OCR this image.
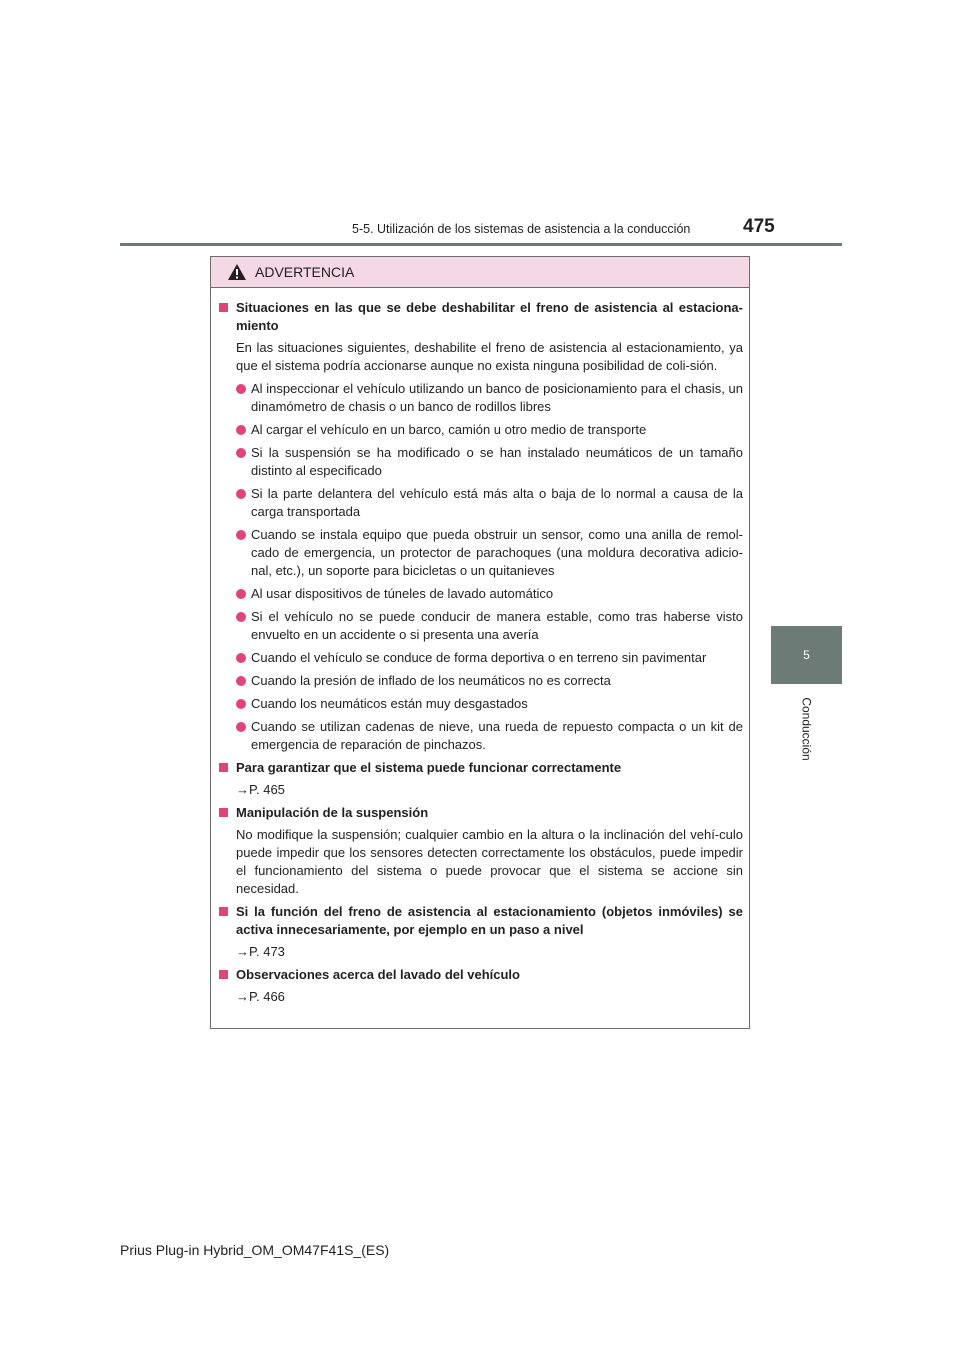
5-5. Utilización de los sistemas de asistencia a la conducción	475
5
Conducción
ADVERTENCIA
Situaciones en las que se debe deshabilitar el freno de asistencia al estaciona-miento
En las situaciones siguientes, deshabilite el freno de asistencia al estacionamiento, ya que el sistema podría accionarse aunque no exista ninguna posibilidad de coli-sión.
Al inspeccionar el vehículo utilizando un banco de posicionamiento para el chasis, un dinamómetro de chasis o un banco de rodillos libres
Al cargar el vehículo en un barco, camión u otro medio de transporte
Si la suspensión se ha modificado o se han instalado neumáticos de un tamaño distinto al especificado
Si la parte delantera del vehículo está más alta o baja de lo normal a causa de la carga transportada
Cuando se instala equipo que pueda obstruir un sensor, como una anilla de remol-cado de emergencia, un protector de parachoques (una moldura decorativa adicio-nal, etc.), un soporte para bicicletas o un quitanieves
Al usar dispositivos de túneles de lavado automático
Si el vehículo no se puede conducir de manera estable, como tras haberse visto envuelto en un accidente o si presenta una avería
Cuando el vehículo se conduce de forma deportiva o en terreno sin pavimentar
Cuando la presión de inflado de los neumáticos no es correcta
Cuando los neumáticos están muy desgastados
Cuando se utilizan cadenas de nieve, una rueda de repuesto compacta o un kit de emergencia de reparación de pinchazos.
Para garantizar que el sistema puede funcionar correctamente
→P. 465
Manipulación de la suspensión
No modifique la suspensión; cualquier cambio en la altura o la inclinación del vehí-culo puede impedir que los sensores detecten correctamente los obstáculos, puede impedir el funcionamiento del sistema o puede provocar que el sistema se accione sin necesidad.
Si la función del freno de asistencia al estacionamiento (objetos inmóviles) se activa innecesariamente, por ejemplo en un paso a nivel
→P. 473
Observaciones acerca del lavado del vehículo
→P. 466
Prius Plug-in Hybrid_OM_OM47F41S_(ES)
